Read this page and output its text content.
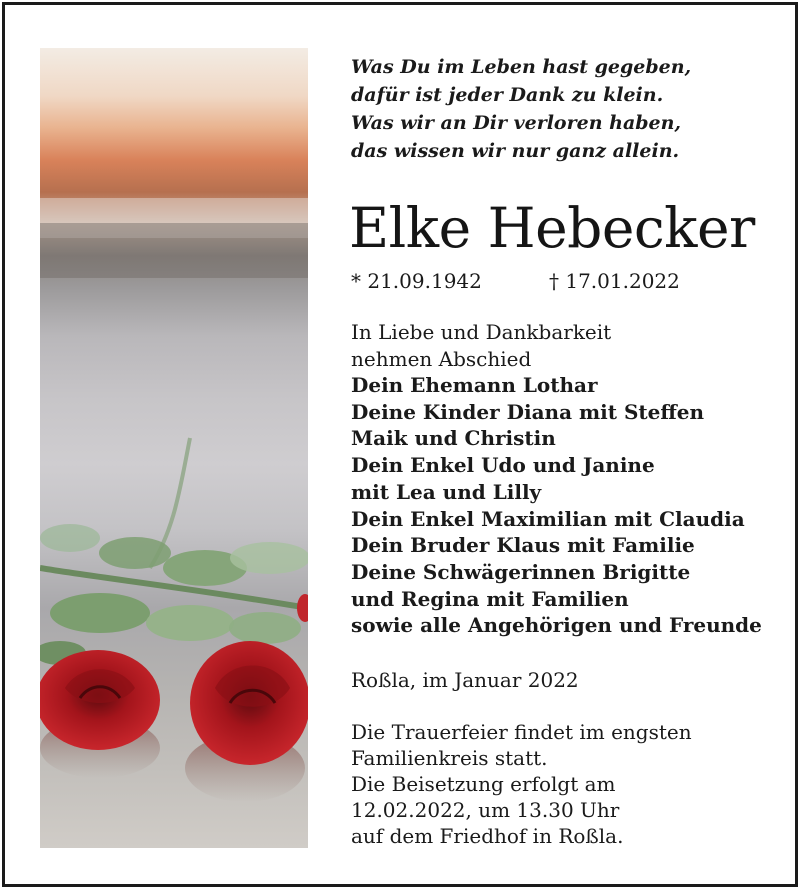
Was Du im Leben hast gegeben,
dafür ist jeder Dank zu klein.
Was wir an Dir verloren haben,
das wissen wir nur ganz allein.
Elke Hebecker
* 21.09.1942	† 17.01.2022
In Liebe und Dankbarkeit
nehmen Abschied
Dein Ehemann Lothar
Deine Kinder Diana mit Steffen
Maik und Christin
Dein Enkel Udo und Janine
mit Lea und Lilly
Dein Enkel Maximilian mit Claudia
Dein Bruder Klaus mit Familie
Deine Schwägerinnen Brigitte
und Regina mit Familien
sowie alle Angehörigen und Freunde
Roßla, im Januar 2022
Die Trauerfeier findet im engsten
Familienkreis statt.
Die Beisetzung erfolgt am
12.02.2022, um 13.30 Uhr
auf dem Friedhof in Roßla.
